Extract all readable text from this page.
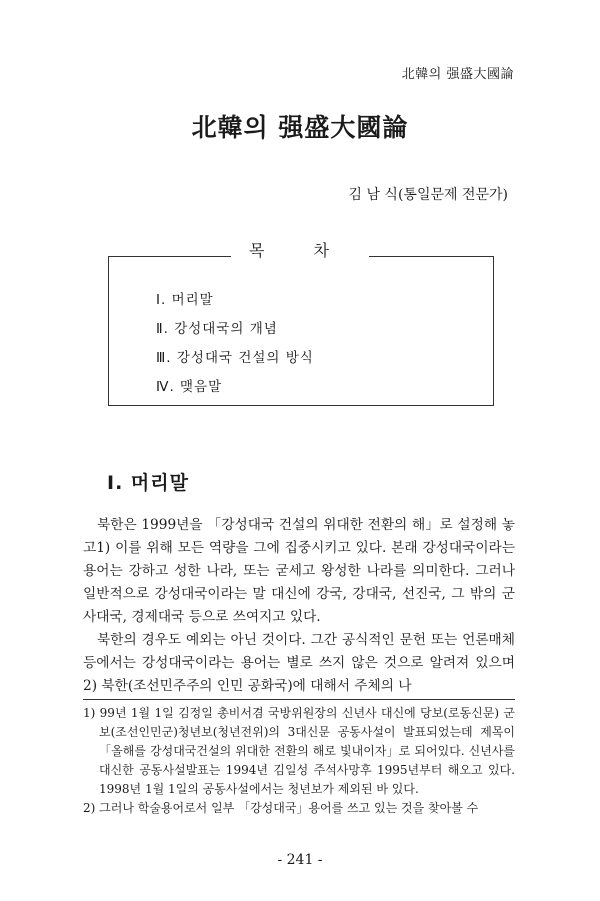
北韓의 强盛大國論
北韓의 强盛大國論
김 남 식(통일문제 전문가)
목 차
Ⅰ. 머리말
Ⅱ. 강성대국의 개념
Ⅲ. 강성대국 건설의 방식
Ⅳ. 맺음말
Ⅰ. 머리말

북한은 1999년을 「강성대국 건설의 위대한 전환의 해」로 설정해 놓고1) 이를 위해 모든 역량을 그에 집중시키고 있다. 본래 강성대국이라는 용어는 강하고 성한 나라, 또는 굳세고 왕성한 나라를 의미한다. 그러나 일반적으로 강성대국이라는 말 대신에 강국, 강대국, 선진국, 그 밖의 군사대국, 경제대국 등으로 쓰여지고 있다.

북한의 경우도 예외는 아닌 것이다. 그간 공식적인 문헌 또는 언론매체 등에서는 강성대국이라는 용어는 별로 쓰지 않은 것으로 알려져 있으며2) 북한(조선민주주의 인민 공화국)에 대해서 주체의 나

1) 99년 1월 1일 김정일 총비서겸 국방위원장의 신년사 대신에 당보(로동신문) 군보(조선인민군)청년보(청년전위)의 3대신문 공동사설이 발표되었는데 제목이 「올해를 강성대국건설의 위대한 전환의 해로 빛내이자」로 되어있다. 신년사를 대신한 공동사설발표는 1994년 김일성 주석사망후 1995년부터 해오고 있다. 1998년 1월 1일의 공동사설에서는 청년보가 제외된 바 있다.
2) 그러나 학술용어로서 일부 「강성대국」용어를 쓰고 있는 것을 찾아볼 수
- 241 -
